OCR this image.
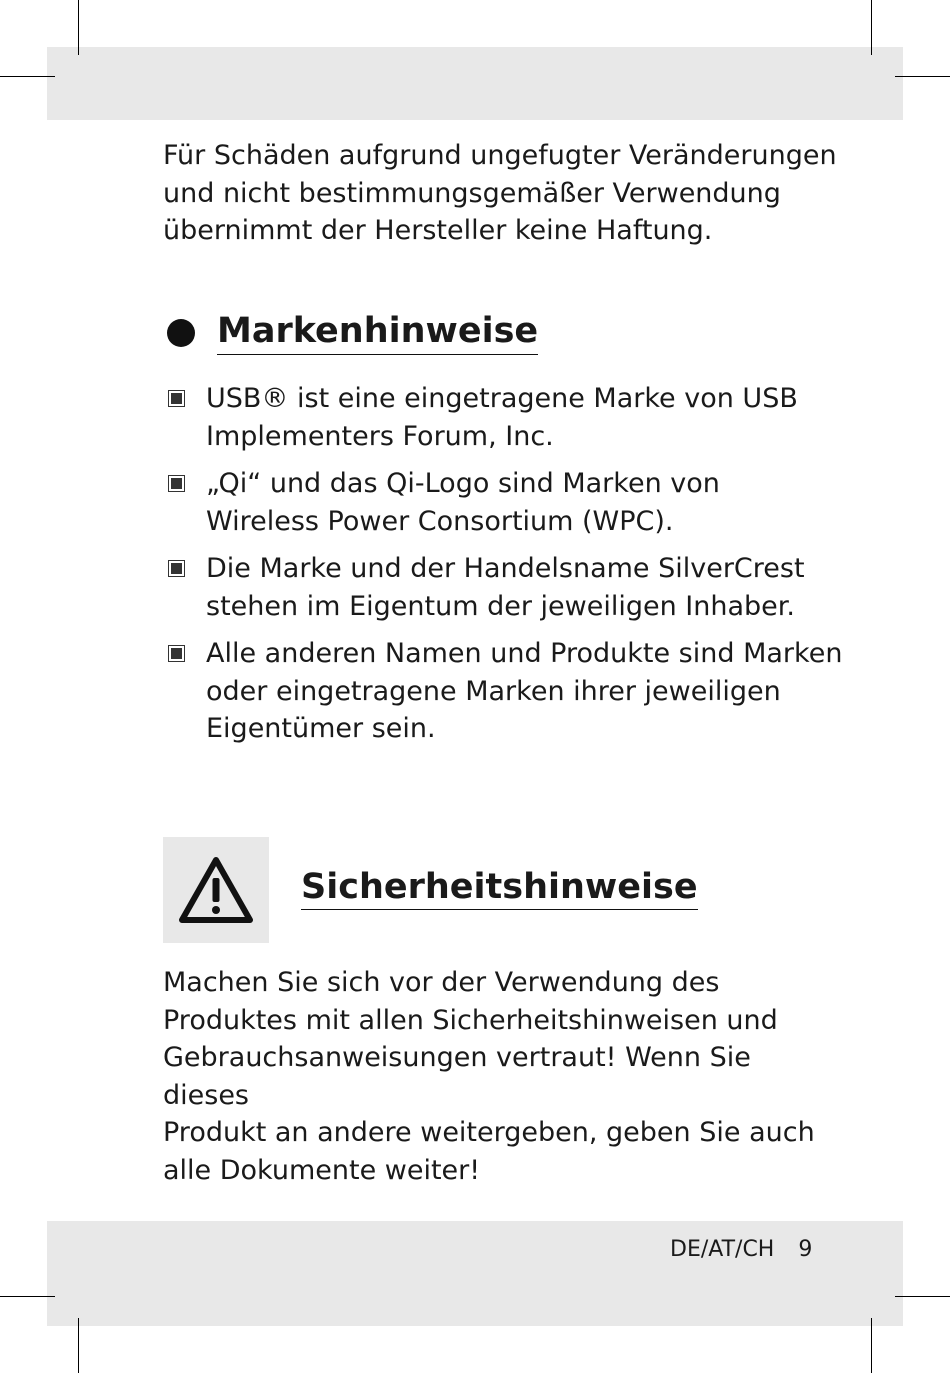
Für Schäden aufgrund ungefugter Veränderungen
und nicht bestimmungsgemäßer Verwendung
übernimmt der Hersteller keine Haftung.

Markenhinweise
USB® ist eine eingetragene Marke von USB
Implementers Forum, Inc.
„Qi“ und das Qi-Logo sind Marken von
Wireless Power Consortium (WPC).
Die Marke und der Handelsname SilverCrest
stehen im Eigentum der jeweiligen Inhaber.
Alle anderen Namen und Produkte sind Marken
oder eingetragene Marken ihrer jeweiligen
Eigentümer sein.
Sicherheitshinweise

Machen Sie sich vor der Verwendung des
Produktes mit allen Sicherheitshinweisen und
Gebrauchsanweisungen vertraut! Wenn Sie dieses
Produkt an andere weitergeben, geben Sie auch
alle Dokumente weiter!

DE/AT/CH 9
